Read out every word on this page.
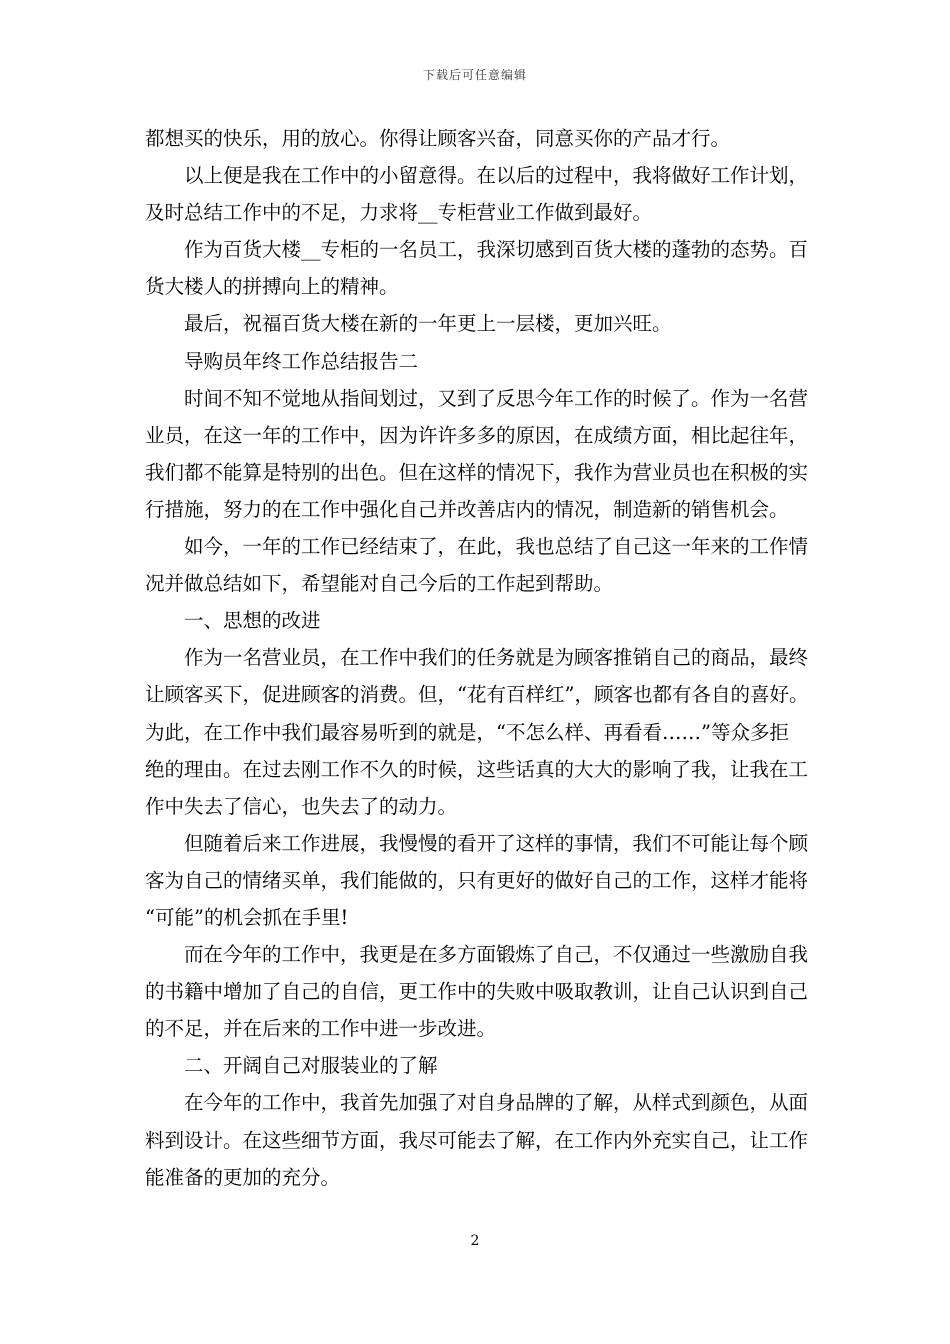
下载后可任意编辑
都想买的快乐，用的放心。你得让顾客兴奋，同意买你的产品才行。
　　以上便是我在工作中的小留意得。在以后的过程中，我将做好工作计划，
及时总结工作中的不足，力求将__专柜营业工作做到最好。
　　作为百货大楼__专柜的一名员工，我深切感到百货大楼的蓬勃的态势。百
货大楼人的拼搏向上的精神。
　　最后，祝福百货大楼在新的一年更上一层楼，更加兴旺。
　　导购员年终工作总结报告二
　　时间不知不觉地从指间划过，又到了反思今年工作的时候了。作为一名营
业员，在这一年的工作中，因为许许多多的原因，在成绩方面，相比起往年，
我们都不能算是特别的出色。但在这样的情况下，我作为营业员也在积极的实
行措施，努力的在工作中强化自己并改善店内的情况，制造新的销售机会。
　　如今，一年的工作已经结束了，在此，我也总结了自己这一年来的工作情
况并做总结如下，希望能对自己今后的工作起到帮助。
　　一、思想的改进
　　作为一名营业员，在工作中我们的任务就是为顾客推销自己的商品，最终
让顾客买下，促进顾客的消费。但，“花有百样红”，顾客也都有各自的喜好。
为此，在工作中我们最容易听到的就是，“不怎么样、再看看……”等众多拒
绝的理由。在过去刚工作不久的时候，这些话真的大大的影响了我，让我在工
作中失去了信心，也失去了的动力。
　　但随着后来工作进展，我慢慢的看开了这样的事情，我们不可能让每个顾
客为自己的情绪买单，我们能做的，只有更好的做好自己的工作，这样才能将
“可能”的机会抓在手里!
　　而在今年的工作中，我更是在多方面锻炼了自己，不仅通过一些激励自我
的书籍中增加了自己的自信，更工作中的失败中吸取教训，让自己认识到自己
的不足，并在后来的工作中进一步改进。
　　二、开阔自己对服装业的了解
　　在今年的工作中，我首先加强了对自身品牌的了解，从样式到颜色，从面
料到设计。在这些细节方面，我尽可能去了解，在工作内外充实自己，让工作
能准备的更加的充分。
2
